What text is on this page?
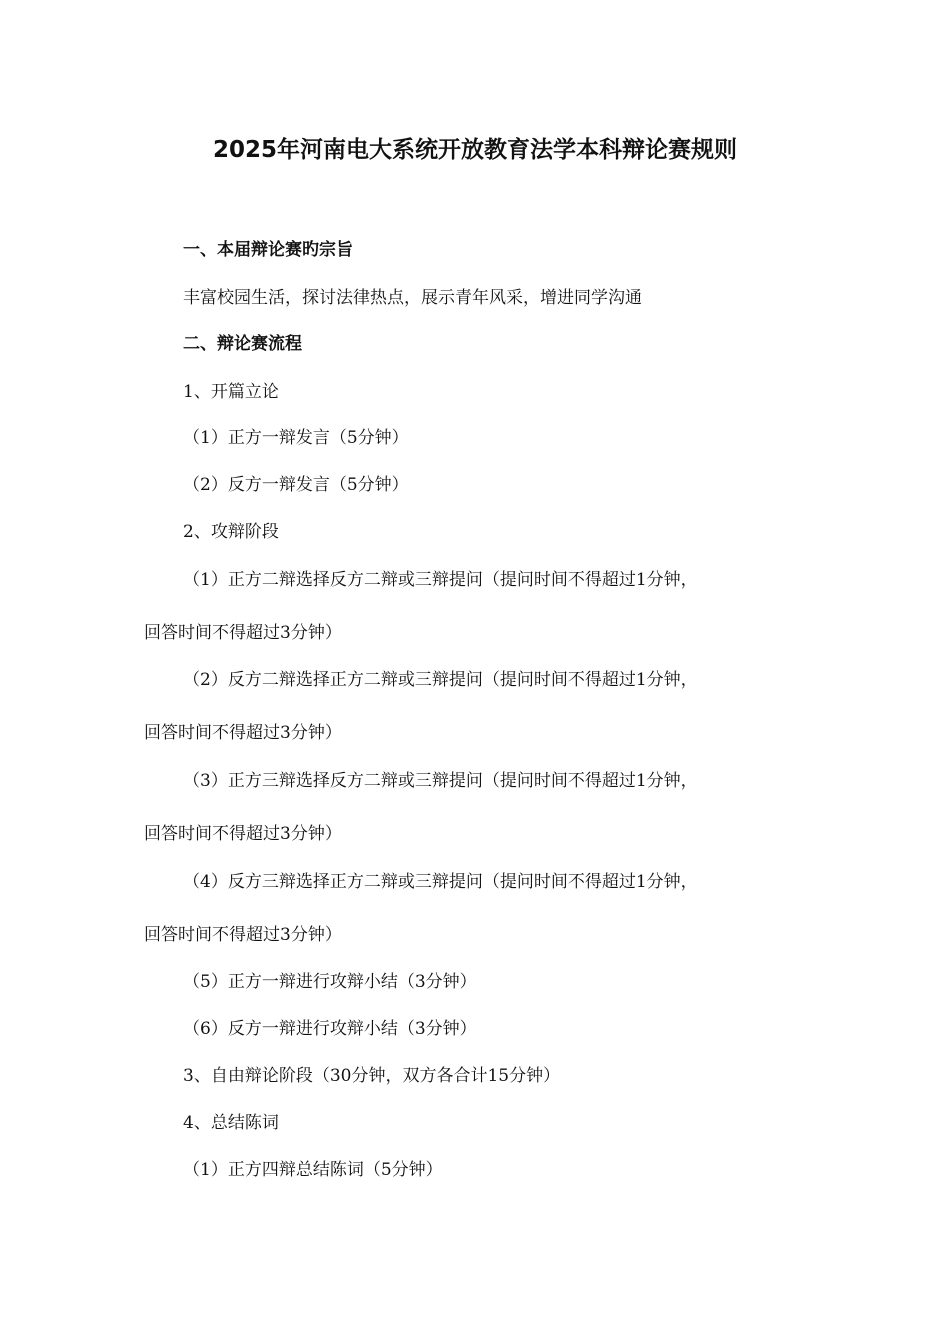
2025年河南电大系统开放教育法学本科辩论赛规则
一、本届辩论赛旳宗旨
丰富校园生活，探讨法律热点，展示青年风采，增进同学沟通
二、辩论赛流程
1、开篇立论
（1）正方一辩发言（5分钟）
（2）反方一辩发言（5分钟）
2、攻辩阶段
（1）正方二辩选择反方二辩或三辩提问（提问时间不得超过1分钟，
回答时间不得超过3分钟）
（2）反方二辩选择正方二辩或三辩提问（提问时间不得超过1分钟，
回答时间不得超过3分钟）
（3）正方三辩选择反方二辩或三辩提问（提问时间不得超过1分钟，
回答时间不得超过3分钟）
（4）反方三辩选择正方二辩或三辩提问（提问时间不得超过1分钟，
回答时间不得超过3分钟）
（5）正方一辩进行攻辩小结（3分钟）
（6）反方一辩进行攻辩小结（3分钟）
3、自由辩论阶段（30分钟，双方各合计15分钟）
4、总结陈词
（1）正方四辩总结陈词（5分钟）
